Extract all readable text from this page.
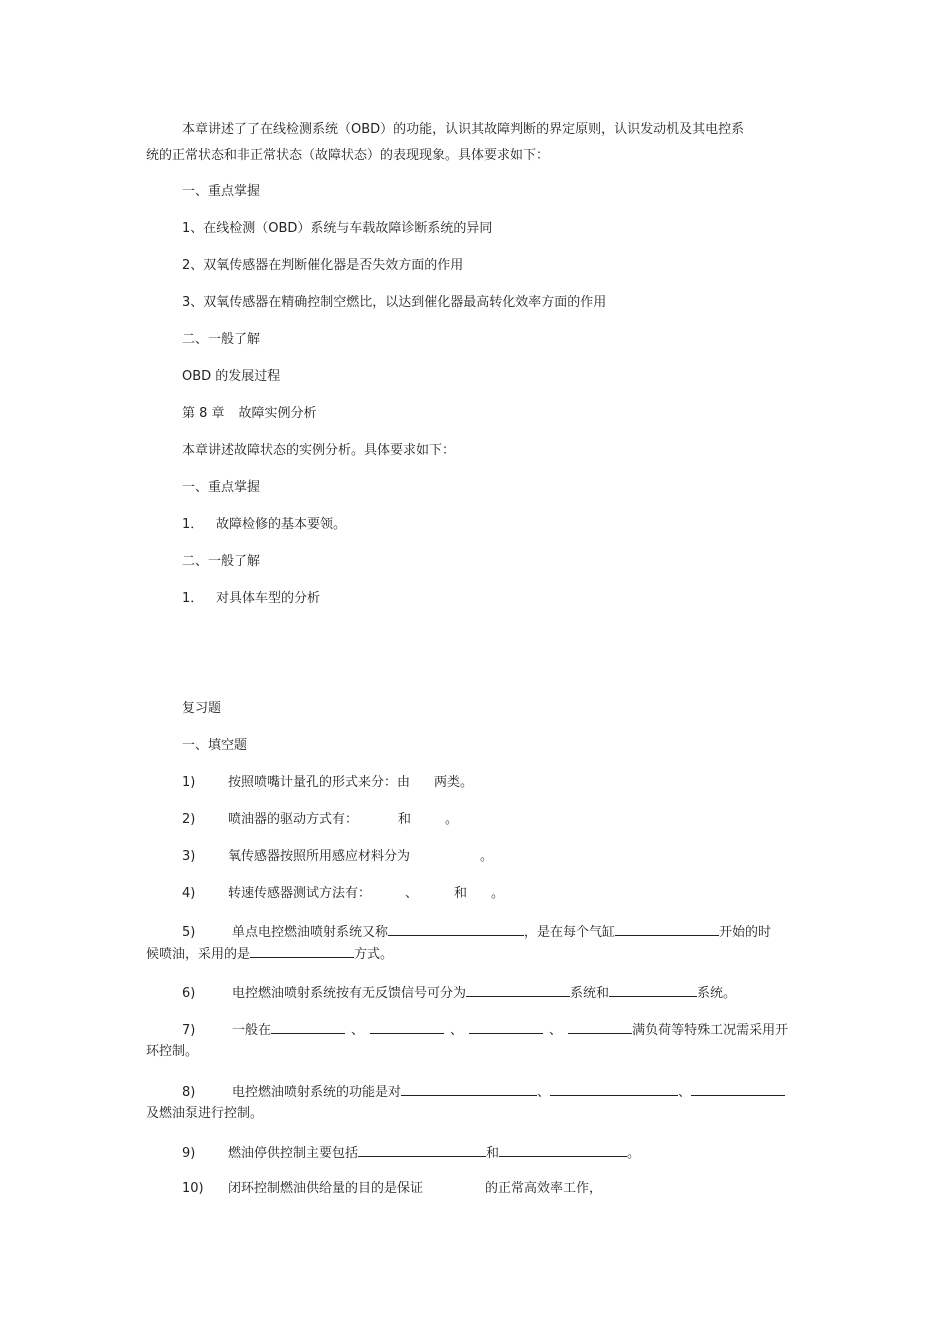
本章讲述了了在线检测系统（OBD）的功能，认识其故障判断的界定原则，认识发动机及其电控系
统的正常状态和非正常状态（故障状态）的表现现象。具体要求如下：
一、重点掌握
1、在线检测（OBD）系统与车载故障诊断系统的异同
2、双氧传感器在判断催化器是否失效方面的作用
3、双氧传感器在精确控制空燃比，以达到催化器最高转化效率方面的作用
二、一般了解
OBD 的发展过程
第 8 章 故障实例分析
本章讲述故障状态的实例分析。具体要求如下：
一、重点掌握
1． 故障检修的基本要领。
二、一般了解
1． 对具体车型的分析
复习题
一、填空题
1)	按照喷嘴计量孔的形式来分：由 两类。
2)	喷油器的驱动方式有：	和	。
3)	氧传感器按照所用感应材料分为	。
4)	转速传感器测试方法有：	、	和 。
5)	单点电控燃油喷射系统又称	，是在每个气缸	开始的时
候喷油，采用的是	方式。
6)	电控燃油喷射系统按有无反馈信号可分为	系统和	系统。
7)	一般在	、	、	、	满负荷等特殊工况需采用开
环控制。
8)	电控燃油喷射系统的功能是对	、	、
及燃油泵进行控制。
9)	燃油停供控制主要包括	和	。
10) 闭环控制燃油供给量的目的是保证	的正常高效率工作，
